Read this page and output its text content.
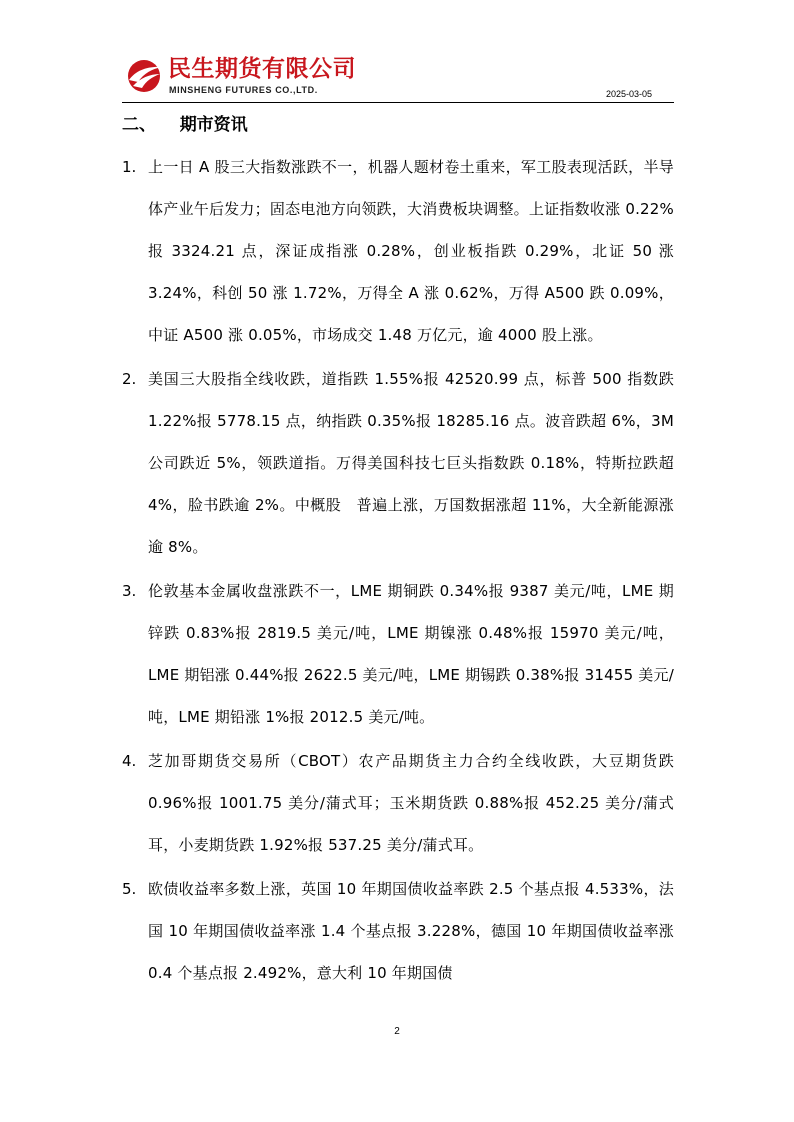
民生期货有限公司
MINSHENG FUTURES CO.,LTD.	2025-03-05
二、 期市资讯
1. 上一日 A 股三大指数涨跌不一，机器人题材卷土重来，军工股表现活跃，半导体产业午后发力；固态电池方向领跌，大消费板块调整。上证指数收涨 0.22%报 3324.21 点，深证成指涨 0.28%，创业板指跌 0.29%，北证 50 涨 3.24%，科创 50 涨 1.72%，万得全 A 涨 0.62%，万得 A500 跌 0.09%，中证 A500 涨 0.05%，市场成交 1.48 万亿元，逾 4000 股上涨。
2. 美国三大股指全线收跌，道指跌 1.55%报 42520.99 点，标普 500 指数跌 1.22%报 5778.15 点，纳指跌 0.35%报 18285.16 点。波音跌超 6%，3M 公司跌近 5%，领跌道指。万得美国科技七巨头指数跌 0.18%，特斯拉跌超 4%，脸书跌逾 2%。中概股　普遍上涨，万国数据涨超 11%，大全新能源涨逾 8%。
3. 伦敦基本金属收盘涨跌不一，LME 期铜跌 0.34%报 9387 美元/吨，LME 期锌跌 0.83%报 2819.5 美元/吨，LME 期镍涨 0.48%报 15970 美元/吨，LME 期铝涨 0.44%报 2622.5 美元/吨，LME 期锡跌 0.38%报 31455 美元/吨，LME 期铅涨 1%报 2012.5 美元/吨。
4. 芝加哥期货交易所（CBOT）农产品期货主力合约全线收跌，大豆期货跌 0.96%报 1001.75 美分/蒲式耳；玉米期货跌 0.88%报 452.25 美分/蒲式耳，小麦期货跌 1.92%报 537.25 美分/蒲式耳。
5. 欧债收益率多数上涨，英国 10 年期国债收益率跌 2.5 个基点报 4.533%，法国 10 年期国债收益率涨 1.4 个基点报 3.228%，德国 10 年期国债收益率涨 0.4 个基点报 2.492%，意大利 10 年期国债
2
